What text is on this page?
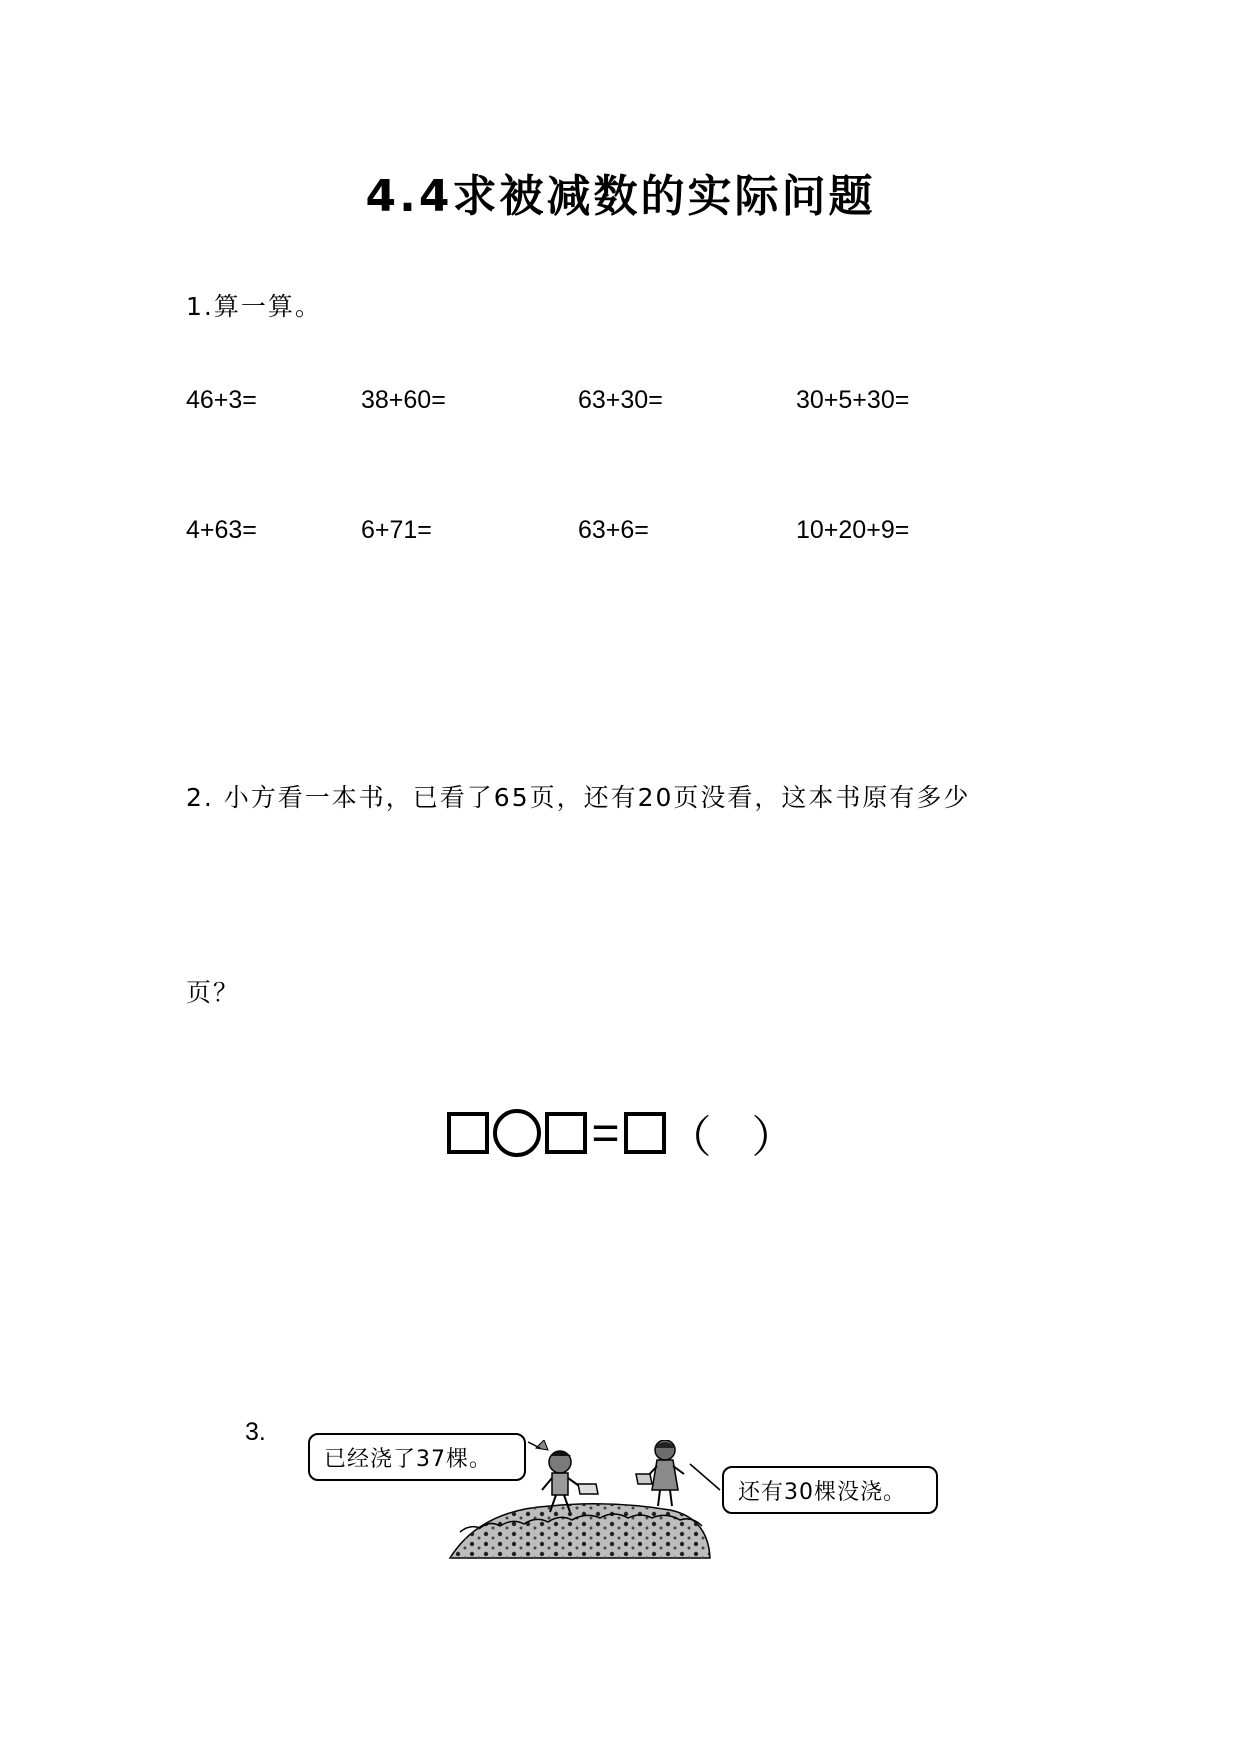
4.4求被减数的实际问题
1.算一算。
46+3=	38+60=	63+30=	30+5+30=
4+63=	6+71=	63+6=	10+20+9=
2. 小方看一本书，已看了65页，还有20页没看，这本书原有多少
页？
= （ ）
3.
已经浇了37棵。
还有30棵没浇。
